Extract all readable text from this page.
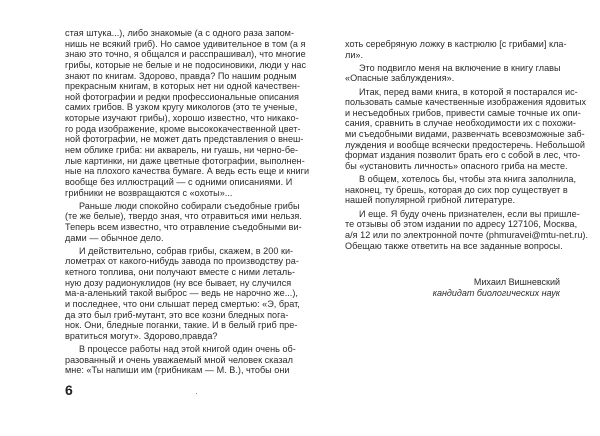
стая штука...), либо знакомые (а с одного раза запом-
нишь не всякий гриб). Но самое удивительное в том (а я
знаю это точно, я общался и расспрашивал), что многие
грибы, которые не белые и не подосиновики, люди у нас
знают по книгам. Здорово, правда? По нашим родным
прекрасным книгам, в которых нет ни одной качествен-
ной фотографии и редки профессиональные описания
самих грибов. В узком кругу микологов (это те ученые,
которые изучают грибы), хорошо известно, что никако-
го рода изображение, кроме высококачественной цвет-
ной фотографии, не может дать представления о внеш-
нем облике гриба: ни акварель, ни гуашь, ни черно-бе-
лые картинки, ни даже цветные фотографии, выполнен-
ные на плохого качества бумаге. А ведь есть еще и книги
вообще без иллюстраций — с одними описаниями. И
грибники не возвращаются с «охоты»...
Раньше люди спокойно собирали съедобные грибы
(те же белые), твердо зная, что отравиться ими нельзя.
Теперь всем известно, что отравление съедобными ви-
дами — обычное дело.
И действительно, собрав грибы, скажем, в 200 ки-
лометрах от какого-нибудь завода по производству ра-
кетного топлива, они получают вместе с ними леталь-
ную дозу радионуклидов (ну все бывает, ну случился
ма-а-аленький такой выброс — ведь не нарочно же...),
и последнее, что они слышат перед смертью: «Э, брат,
да это был гриб-мутант, это все козни бледных пога-
нок. Они, бледные поганки, такие. И в белый гриб пре-
вратиться могут». Здорово,правда?
В процессе работы над этой книгой один очень об-
разованный и очень уважаемый мной человек сказал
мне: «Ты напиши им (грибникам — М. В.), чтобы они
6
хоть серебряную ложку в кастрюлю [с грибами] кла-
ли».
Это подвигло меня на включение в книгу главы
«Опасные заблуждения».
Итак, перед вами книга, в которой я постарался ис-
пользовать самые качественные изображения ядовитых
и несъедобных грибов, привести самые точные их опи-
сания, сравнить в случае необходимости их с похожи-
ми съедобными видами, развенчать всевозможные заб-
луждения и вообще всячески предостеречь. Небольшой
формат издания позволит брать его с собой в лес, что-
бы «установить личность» опасного гриба на месте.
В общем, хотелось бы, чтобы эта книга заполнила,
наконец, ту брешь, которая до сих пор существует в
нашей популярной грибной литературе.
И еще. Я буду очень признателен, если вы пришле-
те отзывы об этом издании по адресу 127106, Москва,
а/я 12 или по электронной почте (phmuravei@mtu-net.ru).
Обещаю также ответить на все заданные вопросы.
Михаил Вишневский
кандидат биологических наук
